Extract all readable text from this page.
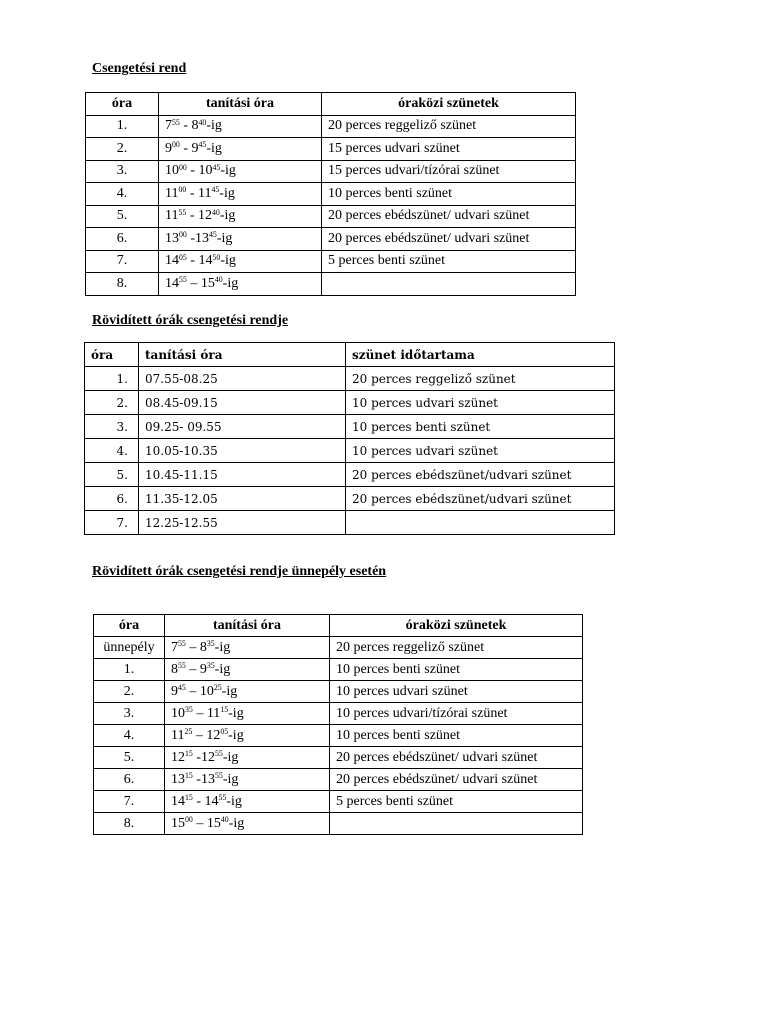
Csengetési rend
óra	tanítási óra	óraközi szünetek
1.	$7^{55} - 8^{40}-ig$	20 perces reggeliző szünet
2.	$9^{00} - 9^{45}-ig$	15 perces udvari szünet
3.	$10^{00} - 10^{45}-ig$	15 perces udvari/tízórai szünet
4.	$11^{00} - 11^{45}-ig$	10 perces benti szünet
5.	$11^{55} - 12^{40}-ig$	20 perces ebédszünet/ udvari szünet
6.	$13^{00}$ $-13^{45}-ig$	20 perces ebédszünet/ udvari szünet
7.	$14^{05} - 14^{50}-ig$	5 perces benti szünet
8.	$14^{55} - 15^{40}-ig$	
Rövidített órák csengetési rendje
óra	tanítási óra	szünet időtartama
1.	07.55-08.25	20 perces reggeliző szünet
2.	08.45-09.15	10 perces udvari szünet
3.	09.25- 09.55	10 perces benti szünet
4.	10.05-10.35	10 perces udvari szünet
5.	10.45-11.15	20 perces ebédszünet/udvari szünet
6.	11.35-12.05	20 perces ebédszünet/udvari szünet
7.	12.25-12.55	
Rövidített órák csengetési rendje ünnepély esetén
óra	tanítási óra	óraközi szünetek
ünnepély	$7^{55} - 8^{35}-ig$	20 perces reggeliző szünet
1.	$8^{55} - 9^{35}-ig$	10 perces benti szünet
2.	$9^{45} - 10^{25}-ig$	10 perces udvari szünet
3.	$10^{35} - 11^{15}-ig$	10 perces udvari/tízórai szünet
4.	$11^{25} - 12^{05}-ig$	10 perces benti szünet
5.	$12^{15}$ $-12^{55}-ig$	20 perces ebédszünet/ udvari szünet
6.	$13^{15}$ $-13^{55}-ig$	20 perces ebédszünet/ udvari szünet
7.	$14^{15} - 14^{55}-ig$	5 perces benti szünet
8.	$15^{00} - 15^{40}-ig$	
